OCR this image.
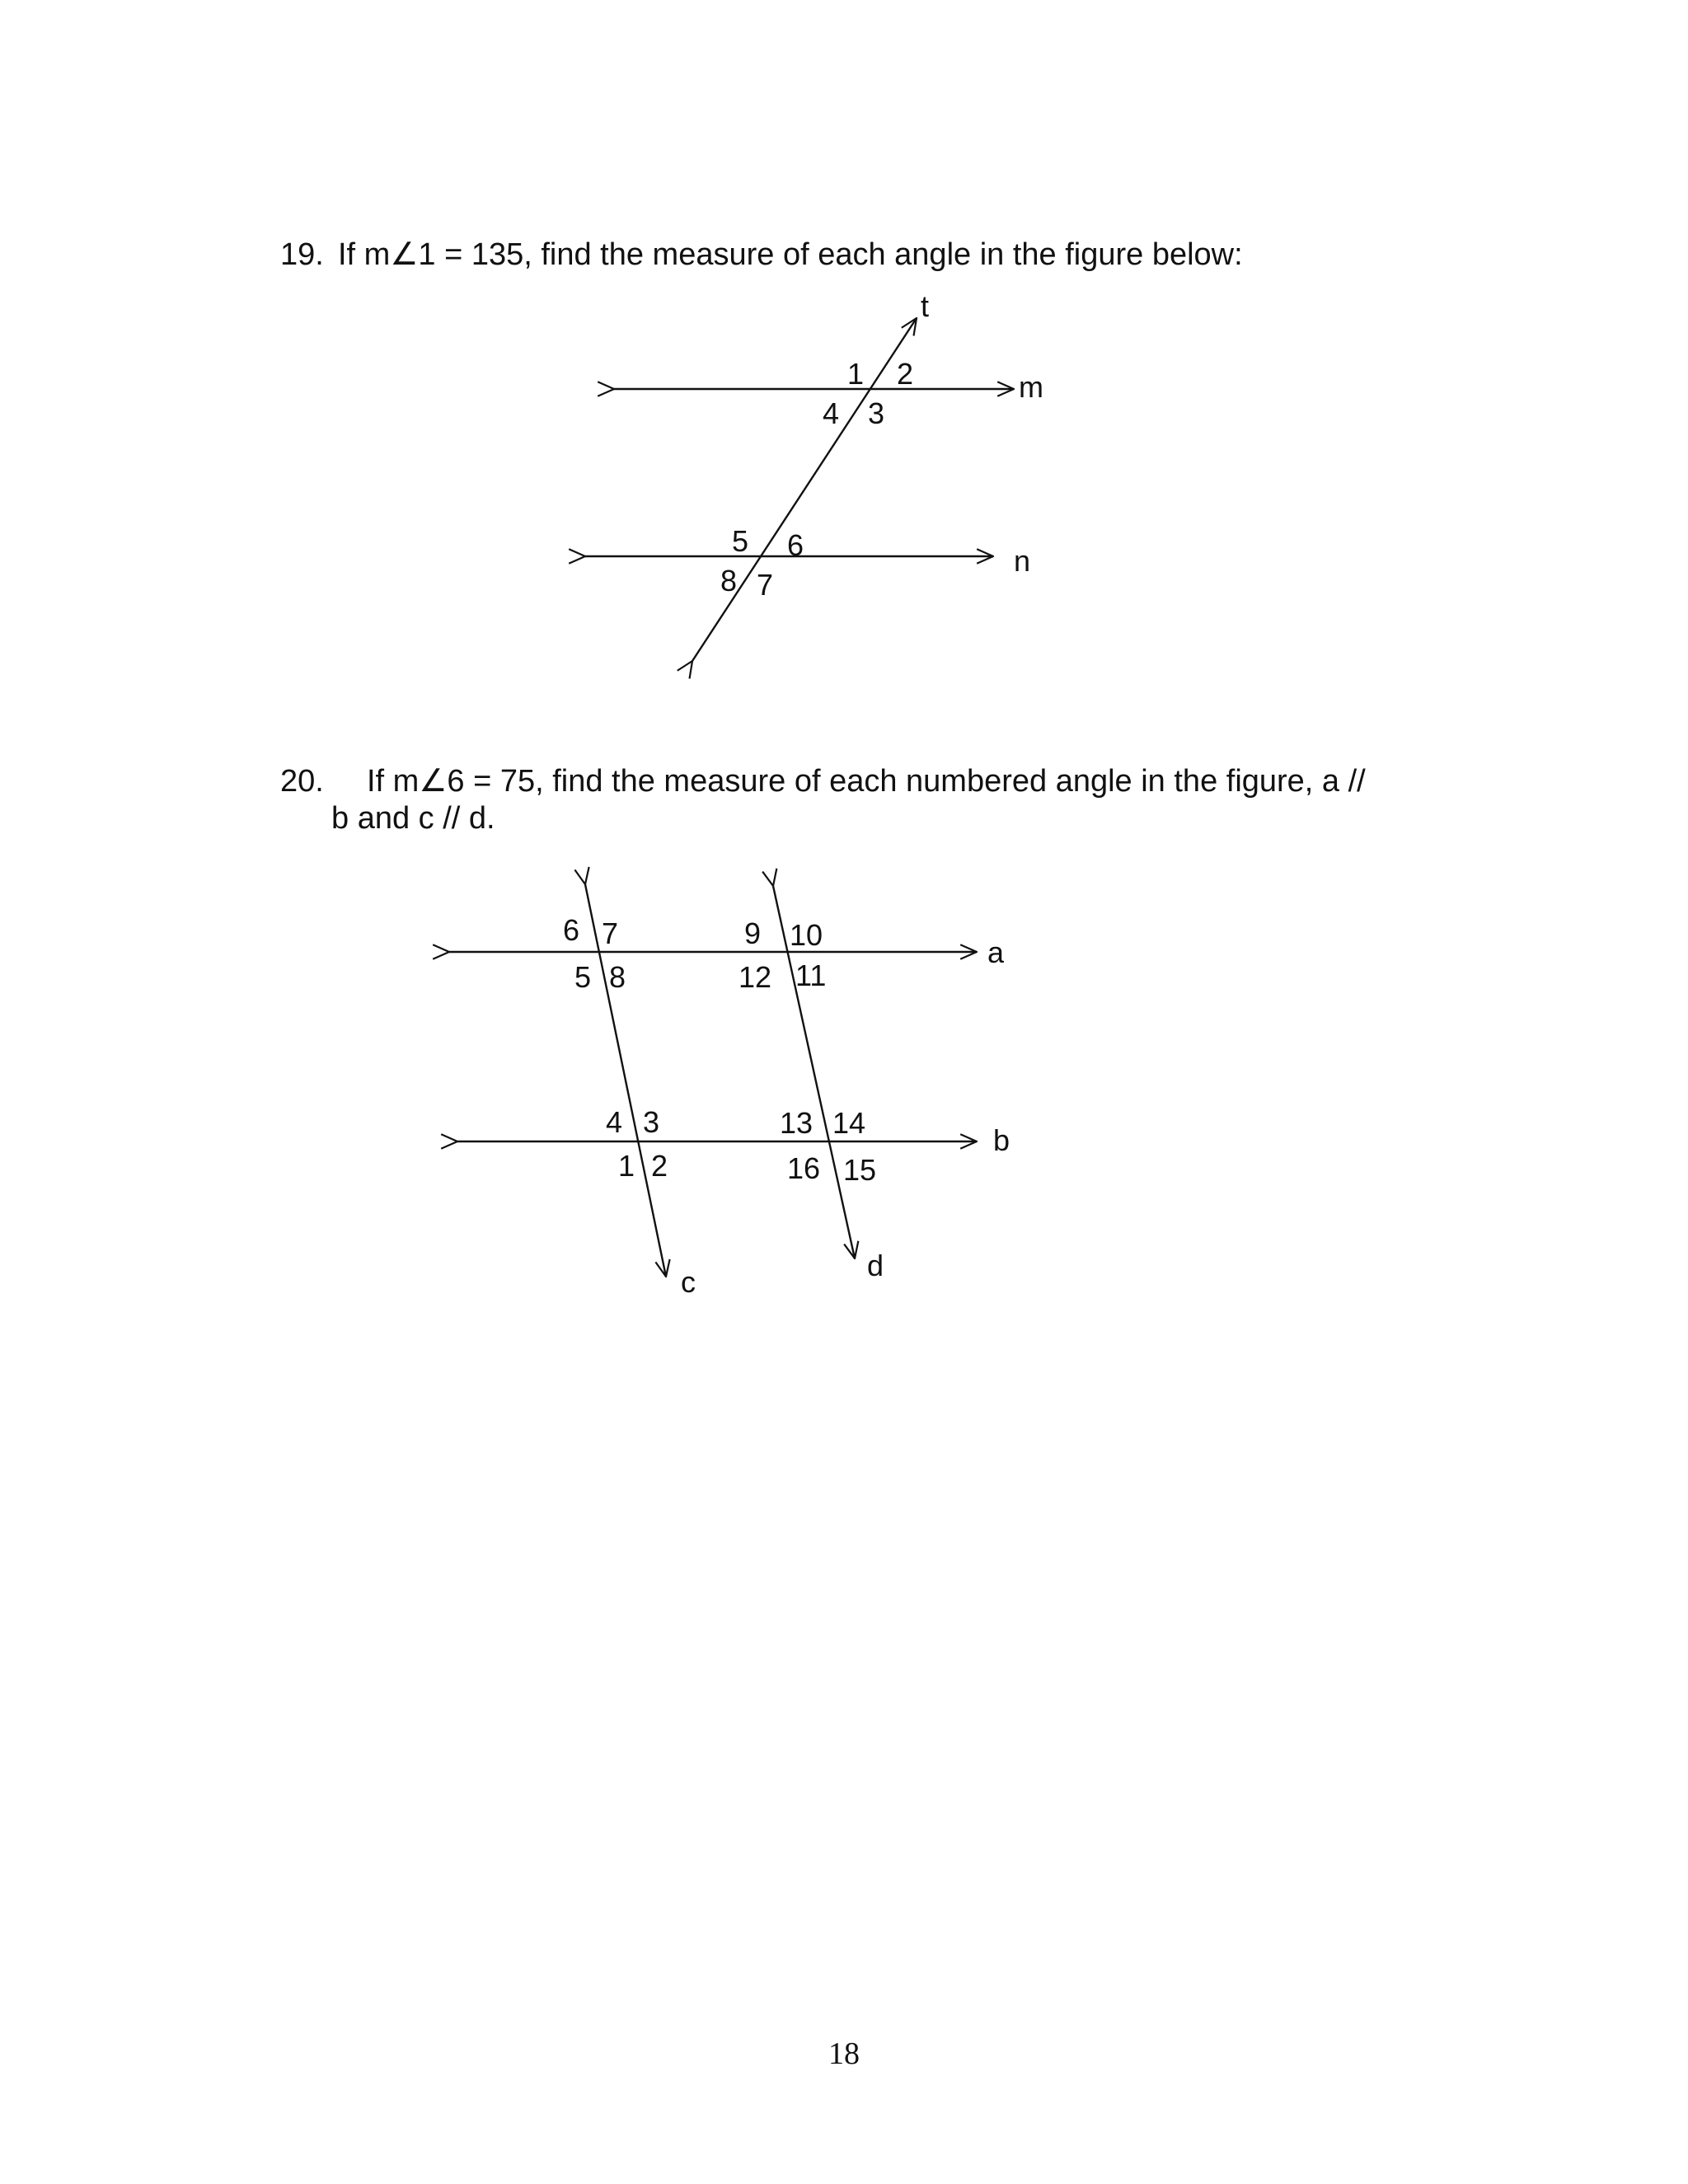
19. If m∠1 = 135, find the measure of each angle in the figure below:
20. If m∠6 = 75, find the measure of each numbered angle in the figure, a //
b and c // d.
t
m
n
1 2
3
4
5 6
7
8
a
b
c	d
1 2
3
4
5
6 7
8
9 10
11
12
13 14
15
16
18
